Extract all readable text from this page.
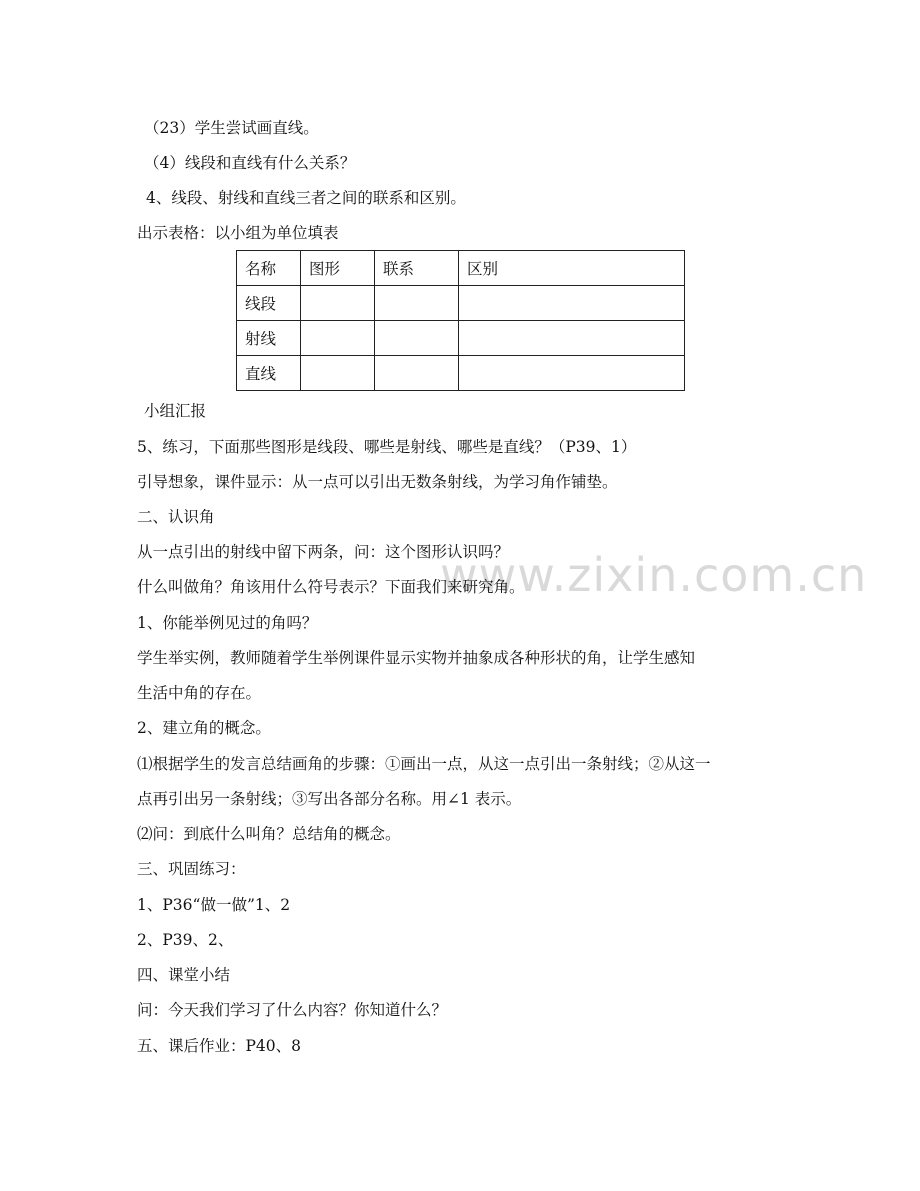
www.zixin.com.cn
（23）学生尝试画直线。
（4）线段和直线有什么关系？
4、线段、射线和直线三者之间的联系和区别。
出示表格：以小组为单位填表
名称	图形	联系	区别
线段			
射线			
直线			
小组汇报
5、练习，下面那些图形是线段、哪些是射线、哪些是直线？（P39、1）
引导想象，课件显示：从一点可以引出无数条射线，为学习角作铺垫。
二、认识角
从一点引出的射线中留下两条，问：这个图形认识吗？
什么叫做角？角该用什么符号表示？下面我们来研究角。
1、你能举例见过的角吗？
学生举实例，教师随着学生举例课件显示实物并抽象成各种形状的角，让学生感知
生活中角的存在。
2、建立角的概念。
⑴根据学生的发言总结画角的步骤：①画出一点，从这一点引出一条射线；②从这一
点再引出另一条射线；③写出各部分名称。用∠1 表示。
⑵问：到底什么叫角？总结角的概念。
三、巩固练习：
1、P36“做一做”1、2
2、P39、2、
四、课堂小结
问：今天我们学习了什么内容？你知道什么？
五、课后作业：P40、8
